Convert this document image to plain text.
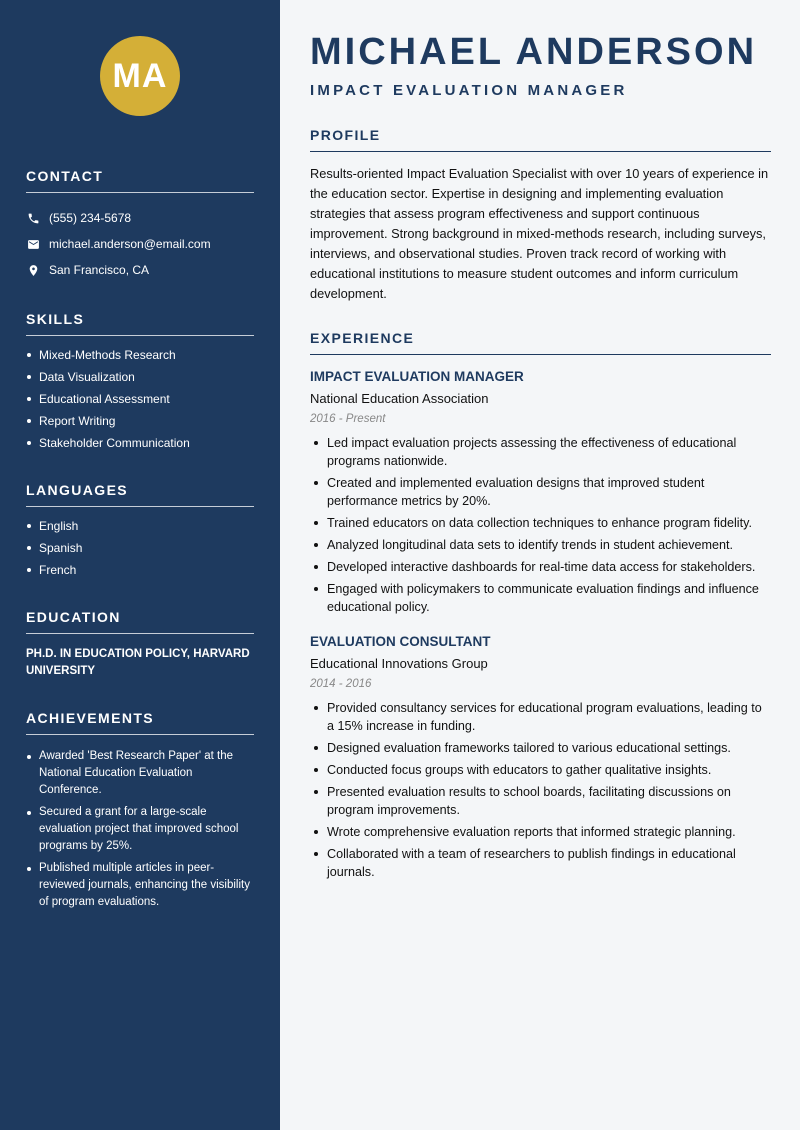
MA
CONTACT
(555) 234-5678
michael.anderson@email.com
San Francisco, CA
SKILLS
Mixed-Methods Research
Data Visualization
Educational Assessment
Report Writing
Stakeholder Communication
LANGUAGES
English
Spanish
French
EDUCATION

PH.D. IN EDUCATION POLICY, HARVARD UNIVERSITY

ACHIEVEMENTS
Awarded 'Best Research Paper' at the National Education Evaluation Conference.
Secured a grant for a large-scale evaluation project that improved school programs by 25%.
Published multiple articles in peer-reviewed journals, enhancing the visibility of program evaluations.
MICHAEL ANDERSON
IMPACT EVALUATION MANAGER
PROFILE

Results-oriented Impact Evaluation Specialist with over 10 years of experience in the education sector. Expertise in designing and implementing evaluation strategies that assess program effectiveness and support continuous improvement. Strong background in mixed-methods research, including surveys, interviews, and observational studies. Proven track record of working with educational institutions to measure student outcomes and inform curriculum development.

EXPERIENCE
IMPACT EVALUATION MANAGER
National Education Association
2016 - Present
Led impact evaluation projects assessing the effectiveness of educational programs nationwide.
Created and implemented evaluation designs that improved student performance metrics by 20%.
Trained educators on data collection techniques to enhance program fidelity.
Analyzed longitudinal data sets to identify trends in student achievement.
Developed interactive dashboards for real-time data access for stakeholders.
Engaged with policymakers to communicate evaluation findings and influence educational policy.
EVALUATION CONSULTANT
Educational Innovations Group
2014 - 2016
Provided consultancy services for educational program evaluations, leading to a 15% increase in funding.
Designed evaluation frameworks tailored to various educational settings.
Conducted focus groups with educators to gather qualitative insights.
Presented evaluation results to school boards, facilitating discussions on program improvements.
Wrote comprehensive evaluation reports that informed strategic planning.
Collaborated with a team of researchers to publish findings in educational journals.
